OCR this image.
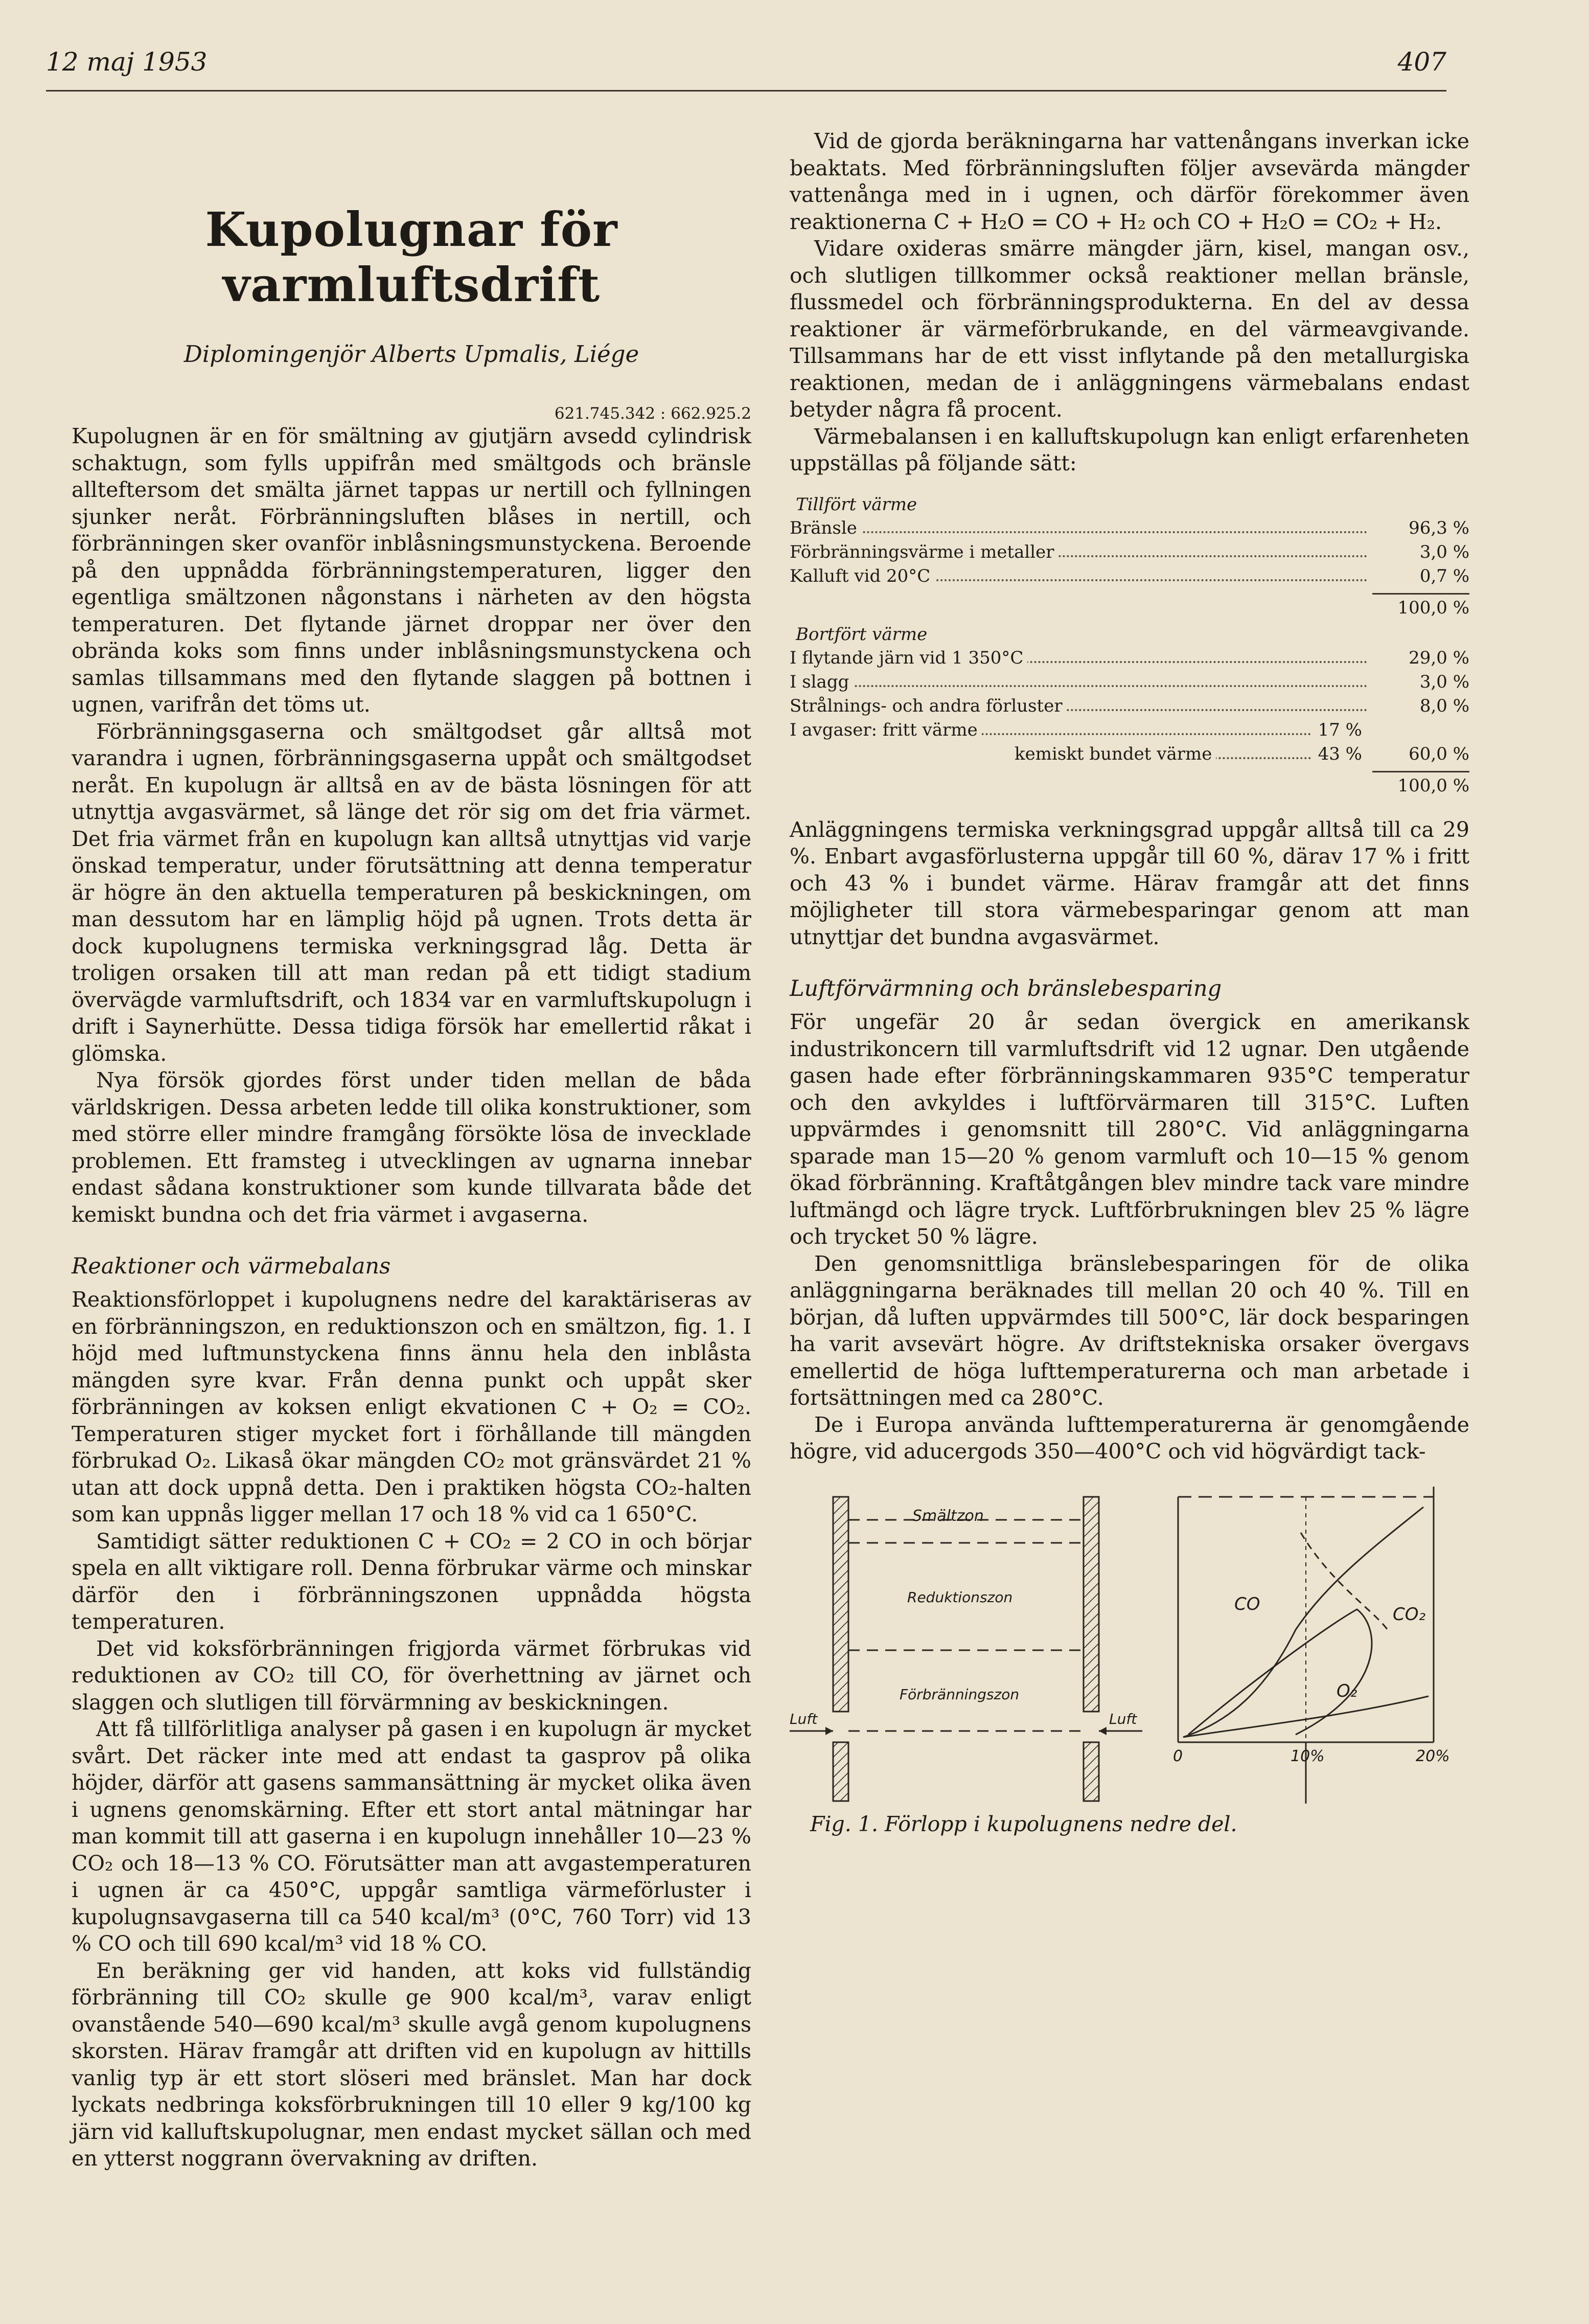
12 maj 1953	407
Kupolugnar för varmluftsdrift
Diplomingenjör Alberts Upmalis, Liége
621.745.342 : 662.925.2

Kupolugnen är en för smältning av gjutjärn avsedd cylindrisk schaktugn, som fylls uppifrån med smältgods och bränsle allteftersom det smälta järnet tappas ur nertill och fyllningen sjunker neråt. Förbränningsluften blåses in nertill, och förbränningen sker ovanför inblåsningsmunstyckena. Beroende på den uppnådda förbränningstemperaturen, ligger den egentliga smältzonen någonstans i närheten av den högsta temperaturen. Det flytande järnet droppar ner över den obrända koks som finns under inblåsningsmunstyckena och samlas tillsammans med den flytande slaggen på bottnen i ugnen, varifrån det töms ut.

Förbränningsgaserna och smältgodset går alltså mot varandra i ugnen, förbränningsgaserna uppåt och smältgodset neråt. En kupolugn är alltså en av de bästa lösningen för att utnyttja avgasvärmet, så länge det rör sig om det fria värmet. Det fria värmet från en kupolugn kan alltså utnyttjas vid varje önskad temperatur, under förutsättning att denna temperatur är högre än den aktuella temperaturen på beskickningen, om man dessutom har en lämplig höjd på ugnen. Trots detta är dock kupolugnens termiska verkningsgrad låg. Detta är troligen orsaken till att man redan på ett tidigt stadium övervägde varmluftsdrift, och 1834 var en varmluftskupolugn i drift i Saynerhütte. Dessa tidiga försök har emellertid råkat i glömska.

Nya försök gjordes först under tiden mellan de båda världskrigen. Dessa arbeten ledde till olika konstruktioner, som med större eller mindre framgång försökte lösa de invecklade problemen. Ett framsteg i utvecklingen av ugnarna innebar endast sådana konstruktioner som kunde tillvarata både det kemiskt bundna och det fria värmet i avgaserna.

Reaktioner och värmebalans

Reaktionsförloppet i kupolugnens nedre del karaktäriseras av en förbränningszon, en reduktionszon och en smältzon, fig. 1. I höjd med luftmunstyckena finns ännu hela den inblåsta mängden syre kvar. Från denna punkt och uppåt sker förbränningen av koksen enligt ekvationen C + O₂ = CO₂. Temperaturen stiger mycket fort i förhållande till mängden förbrukad O₂. Likaså ökar mängden CO₂ mot gränsvärdet 21 % utan att dock uppnå detta. Den i praktiken högsta CO₂-halten som kan uppnås ligger mellan 17 och 18 % vid ca 1 650°C.

Samtidigt sätter reduktionen C + CO₂ = 2 CO in och börjar spela en allt viktigare roll. Denna förbrukar värme och minskar därför den i förbränningszonen uppnådda högsta temperaturen.

Det vid koksförbränningen frigjorda värmet förbrukas vid reduktionen av CO₂ till CO, för överhettning av järnet och slaggen och slutligen till förvärmning av beskickningen.

Att få tillförlitliga analyser på gasen i en kupolugn är mycket svårt. Det räcker inte med att endast ta gasprov på olika höjder, därför att gasens sammansättning är mycket olika även i ugnens genomskärning. Efter ett stort antal mätningar har man kommit till att gaserna i en kupolugn innehåller 10—23 % CO₂ och 18—13 % CO. Förutsätter man att avgastemperaturen i ugnen är ca 450°C, uppgår samtliga värmeförluster i kupolugnsavgaserna till ca 540 kcal/m³ (0°C, 760 Torr) vid 13 % CO och till 690 kcal/m³ vid 18 % CO.

En beräkning ger vid handen, att koks vid fullständig förbränning till CO₂ skulle ge 900 kcal/m³, varav enligt ovanstående 540—690 kcal/m³ skulle avgå genom kupolugnens skorsten. Härav framgår att driften vid en kupolugn av hittills vanlig typ är ett stort slöseri med bränslet. Man har dock lyckats nedbringa koksförbrukningen till 10 eller 9 kg/100 kg järn vid kalluftskupolugnar, men endast mycket sällan och med en ytterst noggrann övervakning av driften.

Vid de gjorda beräkningarna har vattenångans inverkan icke beaktats. Med förbränningsluften följer avsevärda mängder vattenånga med in i ugnen, och därför förekommer även reaktionerna C + H₂O = CO + H₂ och CO + H₂O = CO₂ + H₂.

Vidare oxideras smärre mängder järn, kisel, mangan osv., och slutligen tillkommer också reaktioner mellan bränsle, flussmedel och förbränningsprodukterna. En del av dessa reaktioner är värmeförbrukande, en del värmeavgivande. Tillsammans har de ett visst inflytande på den metallurgiska reaktionen, medan de i anläggningens värmebalans endast betyder några få procent.

Värmebalansen i en kalluftskupolugn kan enligt erfarenheten uppställas på följande sätt:

Tillfört värme
Bränsle	96,3 %
Förbränningsvärme i metaller	3,0 %
Kalluft vid 20°C	0,7 %
100,0 %
Bortfört värme
I flytande järn vid 1 350°C	29,0 %
I slagg	3,0 %
Strålnings- och andra förluster	8,0 %
I avgaser: fritt värme	17 %
kemiskt bundet värme	43 %	60,0 %
100,0 %

Anläggningens termiska verkningsgrad uppgår alltså till ca 29 %. Enbart avgasförlusterna uppgår till 60 %, därav 17 % i fritt och 43 % i bundet värme. Härav framgår att det finns möjligheter till stora värmebesparingar genom att man utnyttjar det bundna avgasvärmet.

Luftförvärmning och bränslebesparing

För ungefär 20 år sedan övergick en amerikansk industrikoncern till varmluftsdrift vid 12 ugnar. Den utgående gasen hade efter förbränningskammaren 935°C temperatur och den avkyldes i luftförvärmaren till 315°C. Luften uppvärmdes i genomsnitt till 280°C. Vid anläggningarna sparade man 15—20 % genom varmluft och 10—15 % genom ökad förbränning. Kraftåtgången blev mindre tack vare mindre luftmängd och lägre tryck. Luftförbrukningen blev 25 % lägre och trycket 50 % lägre.

Den genomsnittliga bränslebesparingen för de olika anläggningarna beräknades till mellan 20 och 40 %. Till en början, då luften uppvärmdes till 500°C, lär dock besparingen ha varit avsevärt högre. Av driftstekniska orsaker övergavs emellertid de höga lufttemperaturerna och man arbetade i fortsättningen med ca 280°C.

De i Europa använda lufttemperaturerna är genomgående högre, vid aducergods 350—400°C och vid högvärdigt tack-

Smältzon
Reduktionszon
Förbränningszon
Luft	Luft
CO	CO₂
O₂
0	10%	20%
Fig. 1. Förlopp i kupolugnens nedre del.
